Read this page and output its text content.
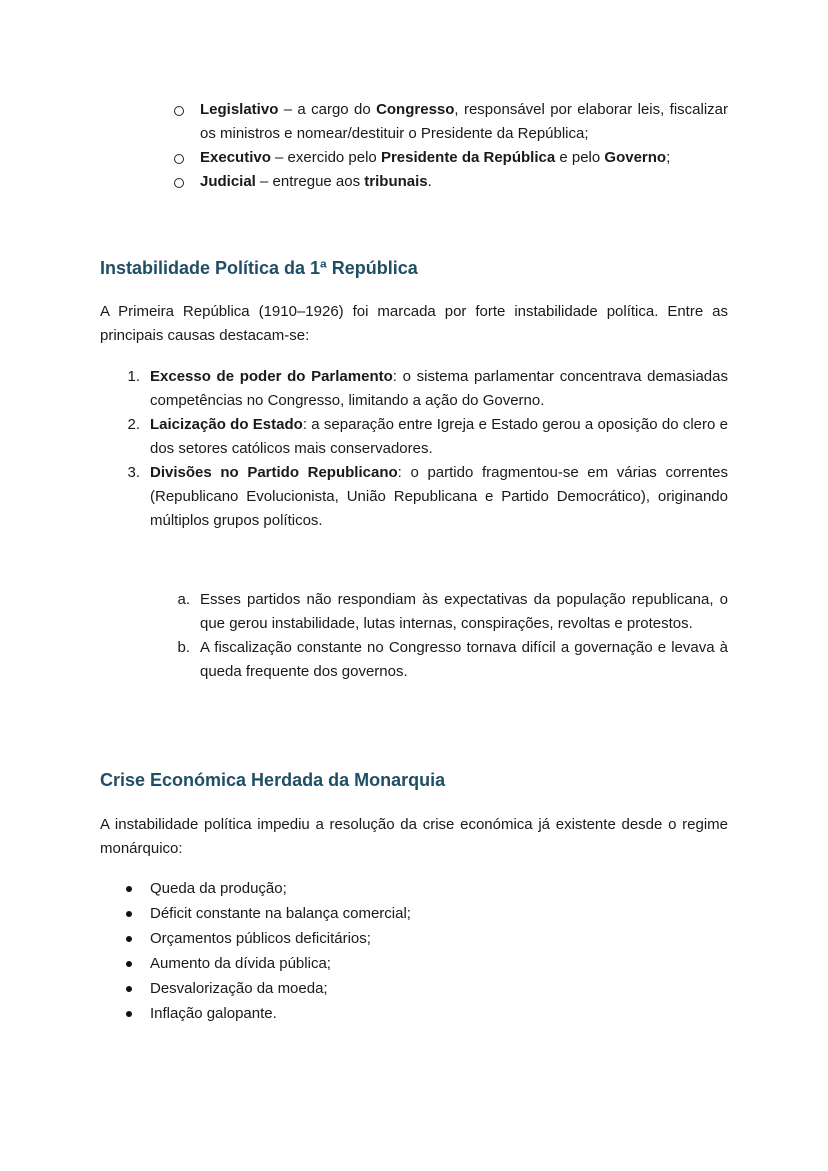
Legislativo – a cargo do Congresso, responsável por elaborar leis, fiscalizar os ministros e nomear/destituir o Presidente da República;
Executivo – exercido pelo Presidente da República e pelo Governo;
Judicial – entregue aos tribunais.
Instabilidade Política da 1ª República

A Primeira República (1910–1926) foi marcada por forte instabilidade política. Entre as principais causas destacam-se:

1. Excesso de poder do Parlamento: o sistema parlamentar concentrava demasiadas competências no Congresso, limitando a ação do Governo.
2. Laicização do Estado: a separação entre Igreja e Estado gerou a oposição do clero e dos setores católicos mais conservadores.
3. Divisões no Partido Republicano: o partido fragmentou-se em várias correntes (Republicano Evolucionista, União Republicana e Partido Democrático), originando múltiplos grupos políticos.
a. Esses partidos não respondiam às expectativas da população republicana, o que gerou instabilidade, lutas internas, conspirações, revoltas e protestos.
b. A fiscalização constante no Congresso tornava difícil a governação e levava à queda frequente dos governos.
Crise Económica Herdada da Monarquia

A instabilidade política impediu a resolução da crise económica já existente desde o regime monárquico:

Queda da produção;
Déficit constante na balança comercial;
Orçamentos públicos deficitários;
Aumento da dívida pública;
Desvalorização da moeda;
Inflação galopante.
